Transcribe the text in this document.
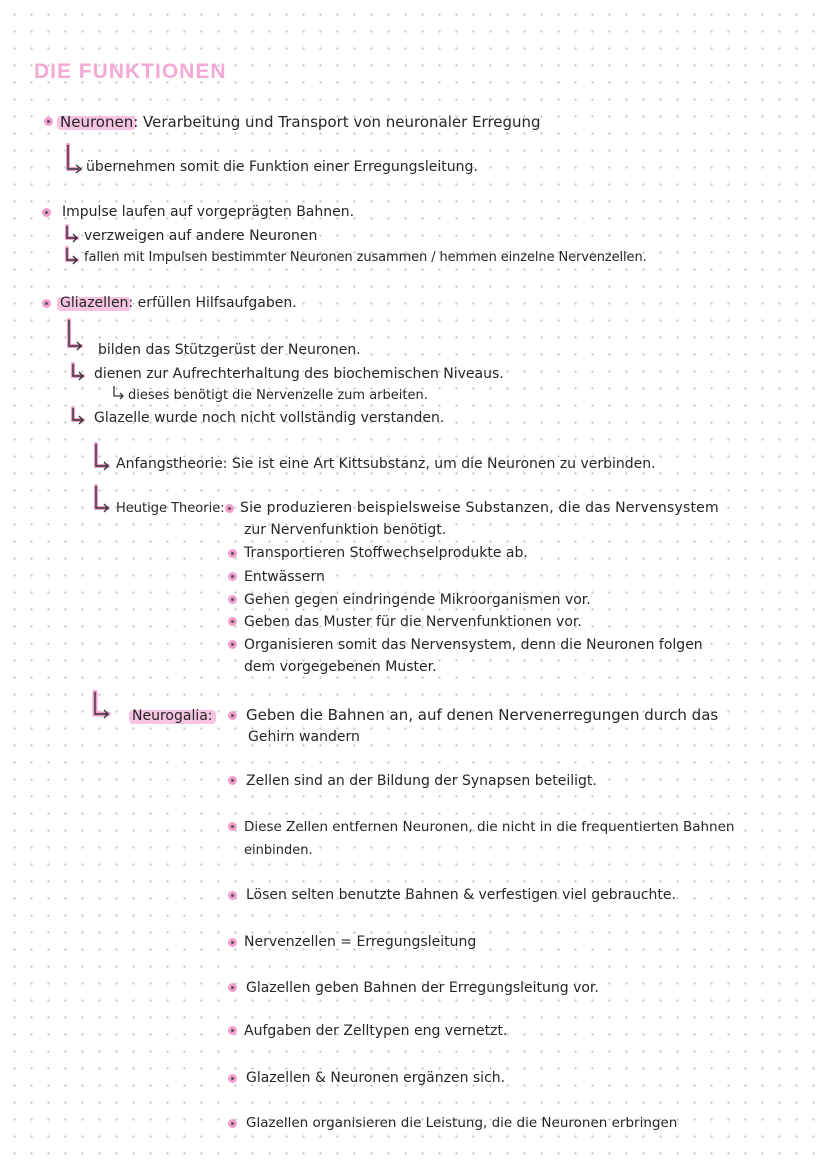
DIE FUNKTIONEN
Neuronen: Verarbeitung und Transport von neuronaler Erregung
übernehmen somit die Funktion einer Erregungsleitung.
Impulse laufen auf vorgeprägten Bahnen.
verzweigen auf andere Neuronen
fallen mit Impulsen bestimmter Neuronen zusammen / hemmen einzelne Nervenzellen.
Gliazellen: erfüllen Hilfsaufgaben.
bilden das Stützgerüst der Neuronen.
dienen zur Aufrechterhaltung des biochemischen Niveaus.
dieses benötigt die Nervenzelle zum arbeiten.
Glazelle wurde noch nicht vollständig verstanden.
Anfangstheorie: Sie ist eine Art Kittsubstanz, um die Neuronen zu verbinden.
Heutige Theorie: Sie produzieren beispielsweise Substanzen, die das Nervensystem
zur Nervenfunktion benötigt.
Transportieren Stoffwechselprodukte ab.
Entwässern
Gehen gegen eindringende Mikroorganismen vor.
Geben das Muster für die Nervenfunktionen vor.
Organisieren somit das Nervensystem, denn die Neuronen folgen
dem vorgegebenen Muster.
Neurogalia: Geben die Bahnen an, auf denen Nervenerregungen durch das
Gehirn wandern
Zellen sind an der Bildung der Synapsen beteiligt.
Diese Zellen entfernen Neuronen, die nicht in die frequentierten Bahnen
einbinden.
Lösen selten benutzte Bahnen & verfestigen viel gebrauchte.
Nervenzellen = Erregungsleitung
Glazellen geben Bahnen der Erregungsleitung vor.
Aufgaben der Zelltypen eng vernetzt.
Glazellen & Neuronen ergänzen sich.
Glazellen organisieren die Leistung, die die Neuronen erbringen
